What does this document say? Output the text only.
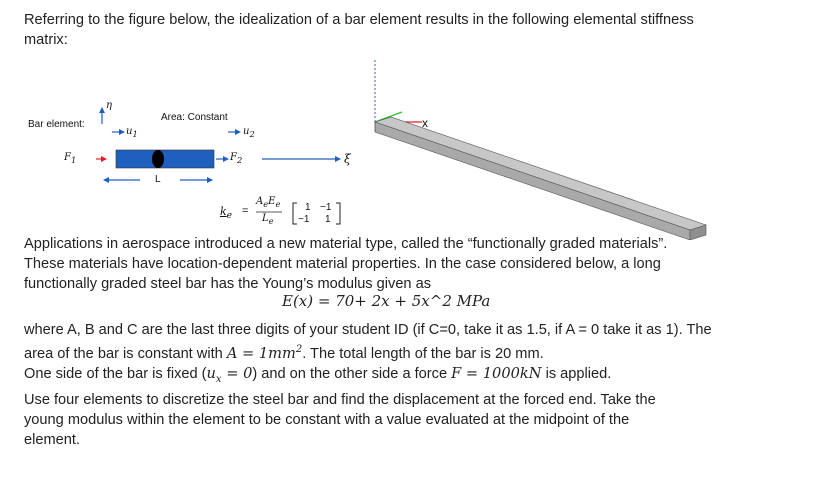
Referring to the figure below, the idealization of a bar element results in the following elemental stiffness
matrix:
Bar element:
Area: Constant
η
$u_1$	$u_2$
$F_1$	$F_2$	ξ
L
$k_e$ =
$A_eE_e$
$L_e$
1 −1
−1 1
x
Applications in aerospace introduced a new material type, called the “functionally graded materials”.
These materials have location-dependent material properties. In the case considered below, a long
functionally graded steel bar has the Young’s modulus given as
E(x) = 70+ 2x + 5x^2 MPa
where A, B and C are the last three digits of your student ID (if C=0, take it as 1.5, if A = 0 take it as 1). The
area of the bar is constant with $A = 1mm^2$. The total length of the bar is 20 mm.
One side of the bar is fixed $(u_x = 0)$ and on the other side a force F = 1000kN is applied.
Use four elements to discretize the steel bar and find the displacement at the forced end. Take the
young modulus within the element to be constant with a value evaluated at the midpoint of the
element.
